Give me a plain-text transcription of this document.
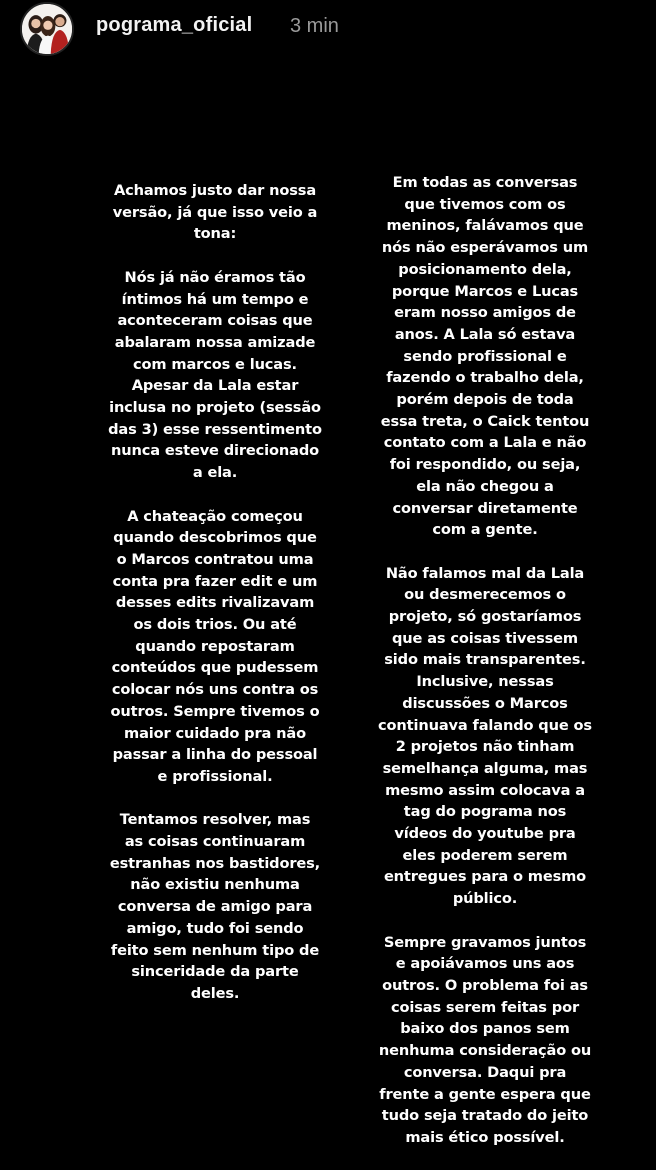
pograma_oficial 3 min

Achamos justo dar nossa
versão, já que isso veio a
tona:

Nós já não éramos tão
íntimos há um tempo e
aconteceram coisas que
abalaram nossa amizade
com marcos e lucas.
Apesar da Lala estar
inclusa no projeto (sessão
das 3) esse ressentimento
nunca esteve direcionado
a ela.

A chateação começou
quando descobrimos que
o Marcos contratou uma
conta pra fazer edit e um
desses edits rivalizavam
os dois trios. Ou até
quando repostaram
conteúdos que pudessem
colocar nós uns contra os
outros. Sempre tivemos o
maior cuidado pra não
passar a linha do pessoal
e profissional.

Tentamos resolver, mas
as coisas continuaram
estranhas nos bastidores,
não existiu nenhuma
conversa de amigo para
amigo, tudo foi sendo
feito sem nenhum tipo de
sinceridade da parte
deles.

Em todas as conversas
que tivemos com os
meninos, falávamos que
nós não esperávamos um
posicionamento dela,
porque Marcos e Lucas
eram nosso amigos de
anos. A Lala só estava
sendo profissional e
fazendo o trabalho dela,
porém depois de toda
essa treta, o Caick tentou
contato com a Lala e não
foi respondido, ou seja,
ela não chegou a
conversar diretamente
com a gente.

Não falamos mal da Lala
ou desmerecemos o
projeto, só gostaríamos
que as coisas tivessem
sido mais transparentes.
Inclusive, nessas
discussões o Marcos
continuava falando que os
2 projetos não tinham
semelhança alguma, mas
mesmo assim colocava a
tag do pograma nos
vídeos do youtube pra
eles poderem serem
entregues para o mesmo
público.

Sempre gravamos juntos
e apoiávamos uns aos
outros. O problema foi as
coisas serem feitas por
baixo dos panos sem
nenhuma consideração ou
conversa. Daqui pra
frente a gente espera que
tudo seja tratado do jeito
mais ético possível.
